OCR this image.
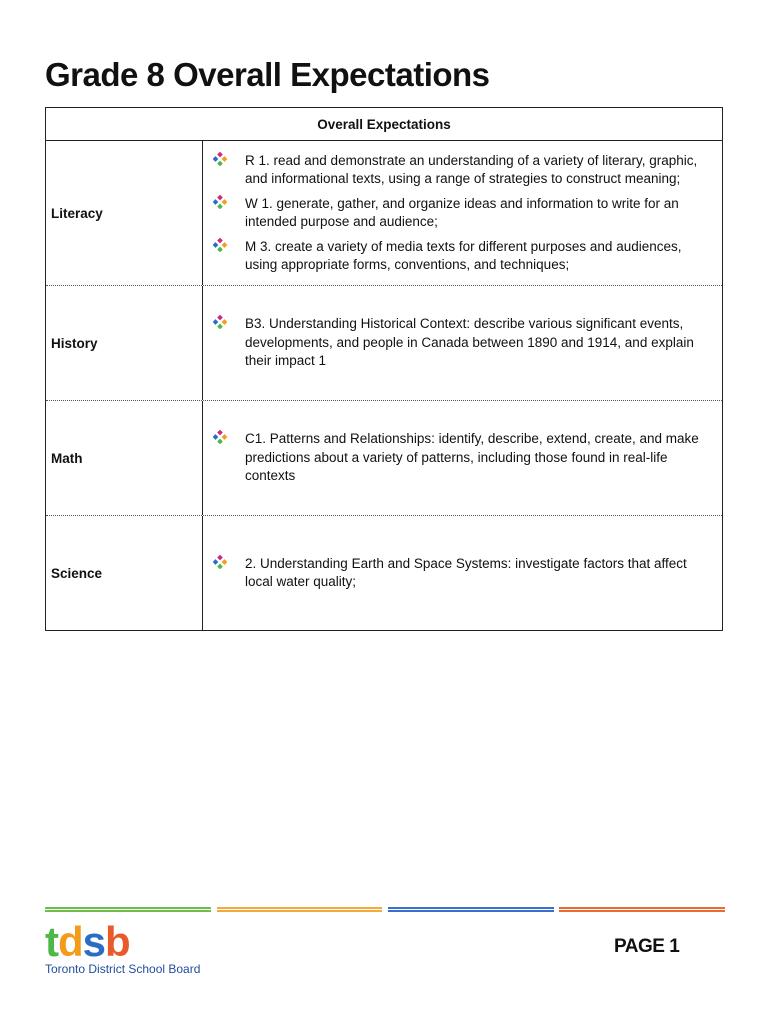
Grade 8 Overall Expectations
Overall Expectations
Literacy
R 1. read and demonstrate an understanding of a variety of literary, graphic, and informational texts, using a range of strategies to construct meaning;
W 1. generate, gather, and organize ideas and information to write for an intended purpose and audience;
M 3. create a variety of media texts for different purposes and audiences, using appropriate forms, conventions, and techniques;
History
B3. Understanding Historical Context: describe various significant events, developments, and people in Canada between 1890 and 1914, and explain their impact 1
Math
C1. Patterns and Relationships: identify, describe, extend, create, and make predictions about a variety of patterns, including those found in real-life contexts
Science
2. Understanding Earth and Space Systems: investigate factors that affect local water quality;
tdsb
Toronto District School Board
PAGE 1
